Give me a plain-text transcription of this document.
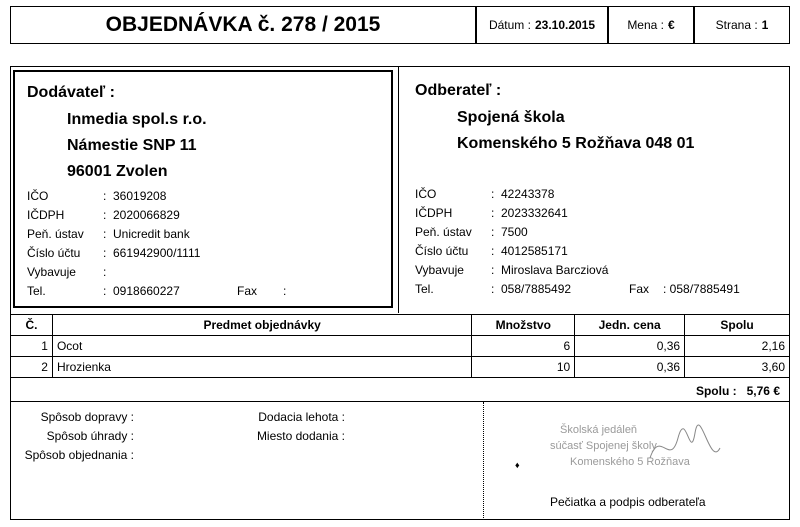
OBJEDNÁVKA č. 278 / 2015	Dátum : 23.10.2015	Mena : €	Strana : 1
Dodávateľ :
Inmedia spol.s r.o.
Námestie SNP 11
96001 Zvolen
IČO	: 36019208
IČDPH	: 2020066829
Peň. ústav : Unicredit bank
Číslo účtu : 661942900/1111
Vybavuje :
Tel.	: 0918660227	Fax :
Odberateľ :
Spojená škola
Komenského 5 Rožňava 048 01
IČO	: 42243378
IČDPH	: 2023332641
Peň. ústav : 7500
Číslo účtu : 4012585171
Vybavuje : Miroslava Barcziová
Tel.	: 058/7885492	Fax : 058/7885491
Č.	Predmet objednávky	Množstvo	Jedn. cena	Spolu
1	Ocot	6	0,36	2,16
2	Hrozienka	10	0,36	3,60
Spolu : 5,76 €
Spôsob dopravy :
Spôsob úhrady :
Spôsob objednania :
Dodacia lehota :
Miesto dodania :	Školská jedáleň
súčasť Spojenej školy
Komenského 5 Rožňava
♦
Pečiatka a podpis odberateľa
